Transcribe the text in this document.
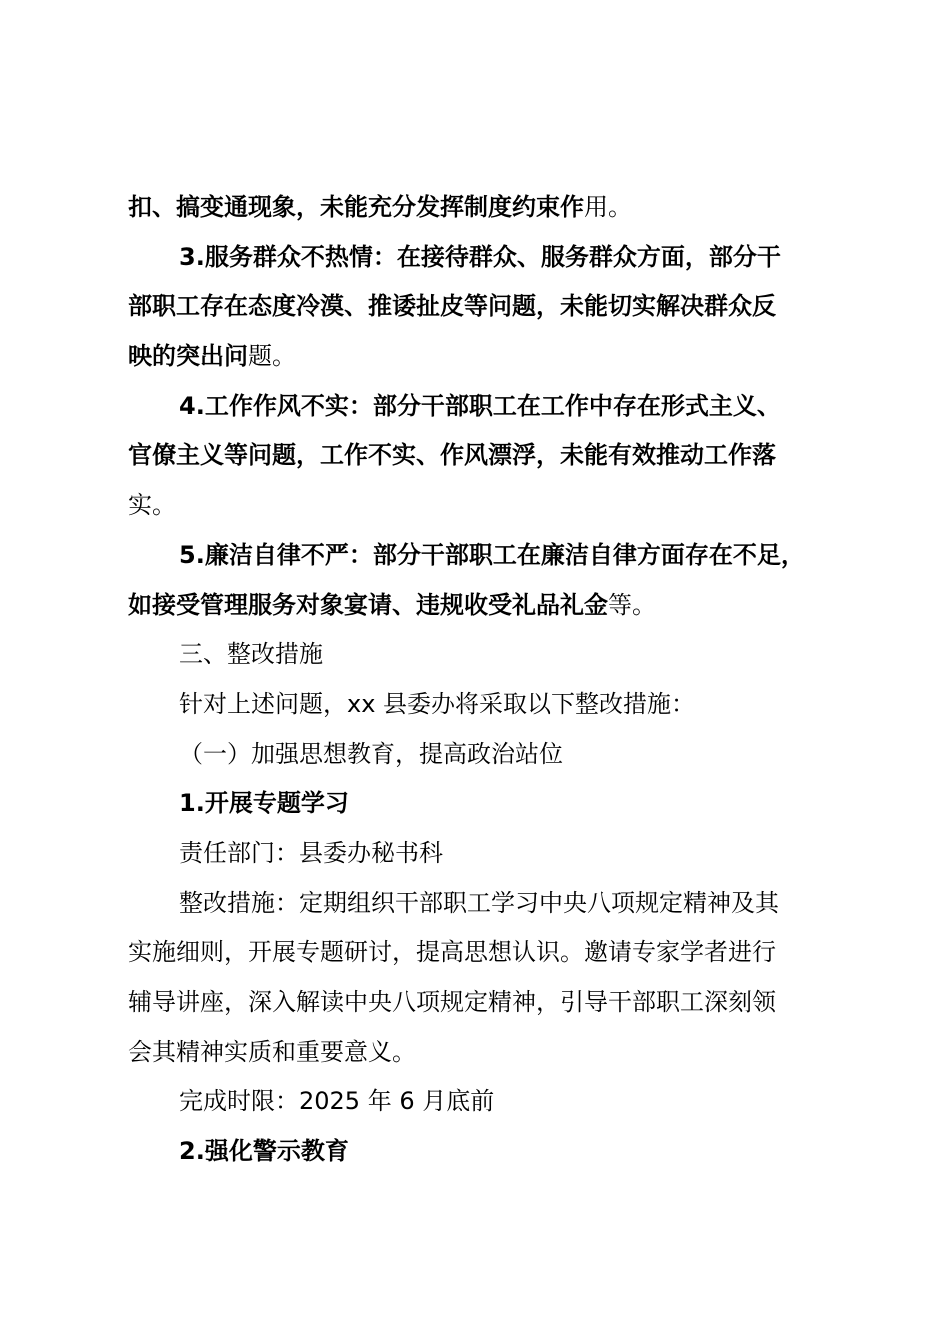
扣、搞变通现象，未能充分发挥制度约束作用。
3.服务群众不热情：在接待群众、服务群众方面，部分干
部职工存在态度冷漠、推诿扯皮等问题，未能切实解决群众反
映的突出问题。
4.工作作风不实：部分干部职工在工作中存在形式主义、
官僚主义等问题，工作不实、作风漂浮，未能有效推动工作落
实。
5.廉洁自律不严：部分干部职工在廉洁自律方面存在不足，
如接受管理服务对象宴请、违规收受礼品礼金等。
三、整改措施
针对上述问题，xx 县委办将采取以下整改措施：
（一）加强思想教育，提高政治站位
1.开展专题学习
责任部门：县委办秘书科
整改措施：定期组织干部职工学习中央八项规定精神及其
实施细则，开展专题研讨，提高思想认识。邀请专家学者进行
辅导讲座，深入解读中央八项规定精神，引导干部职工深刻领
会其精神实质和重要意义。
完成时限：2025 年 6 月底前
2.强化警示教育
